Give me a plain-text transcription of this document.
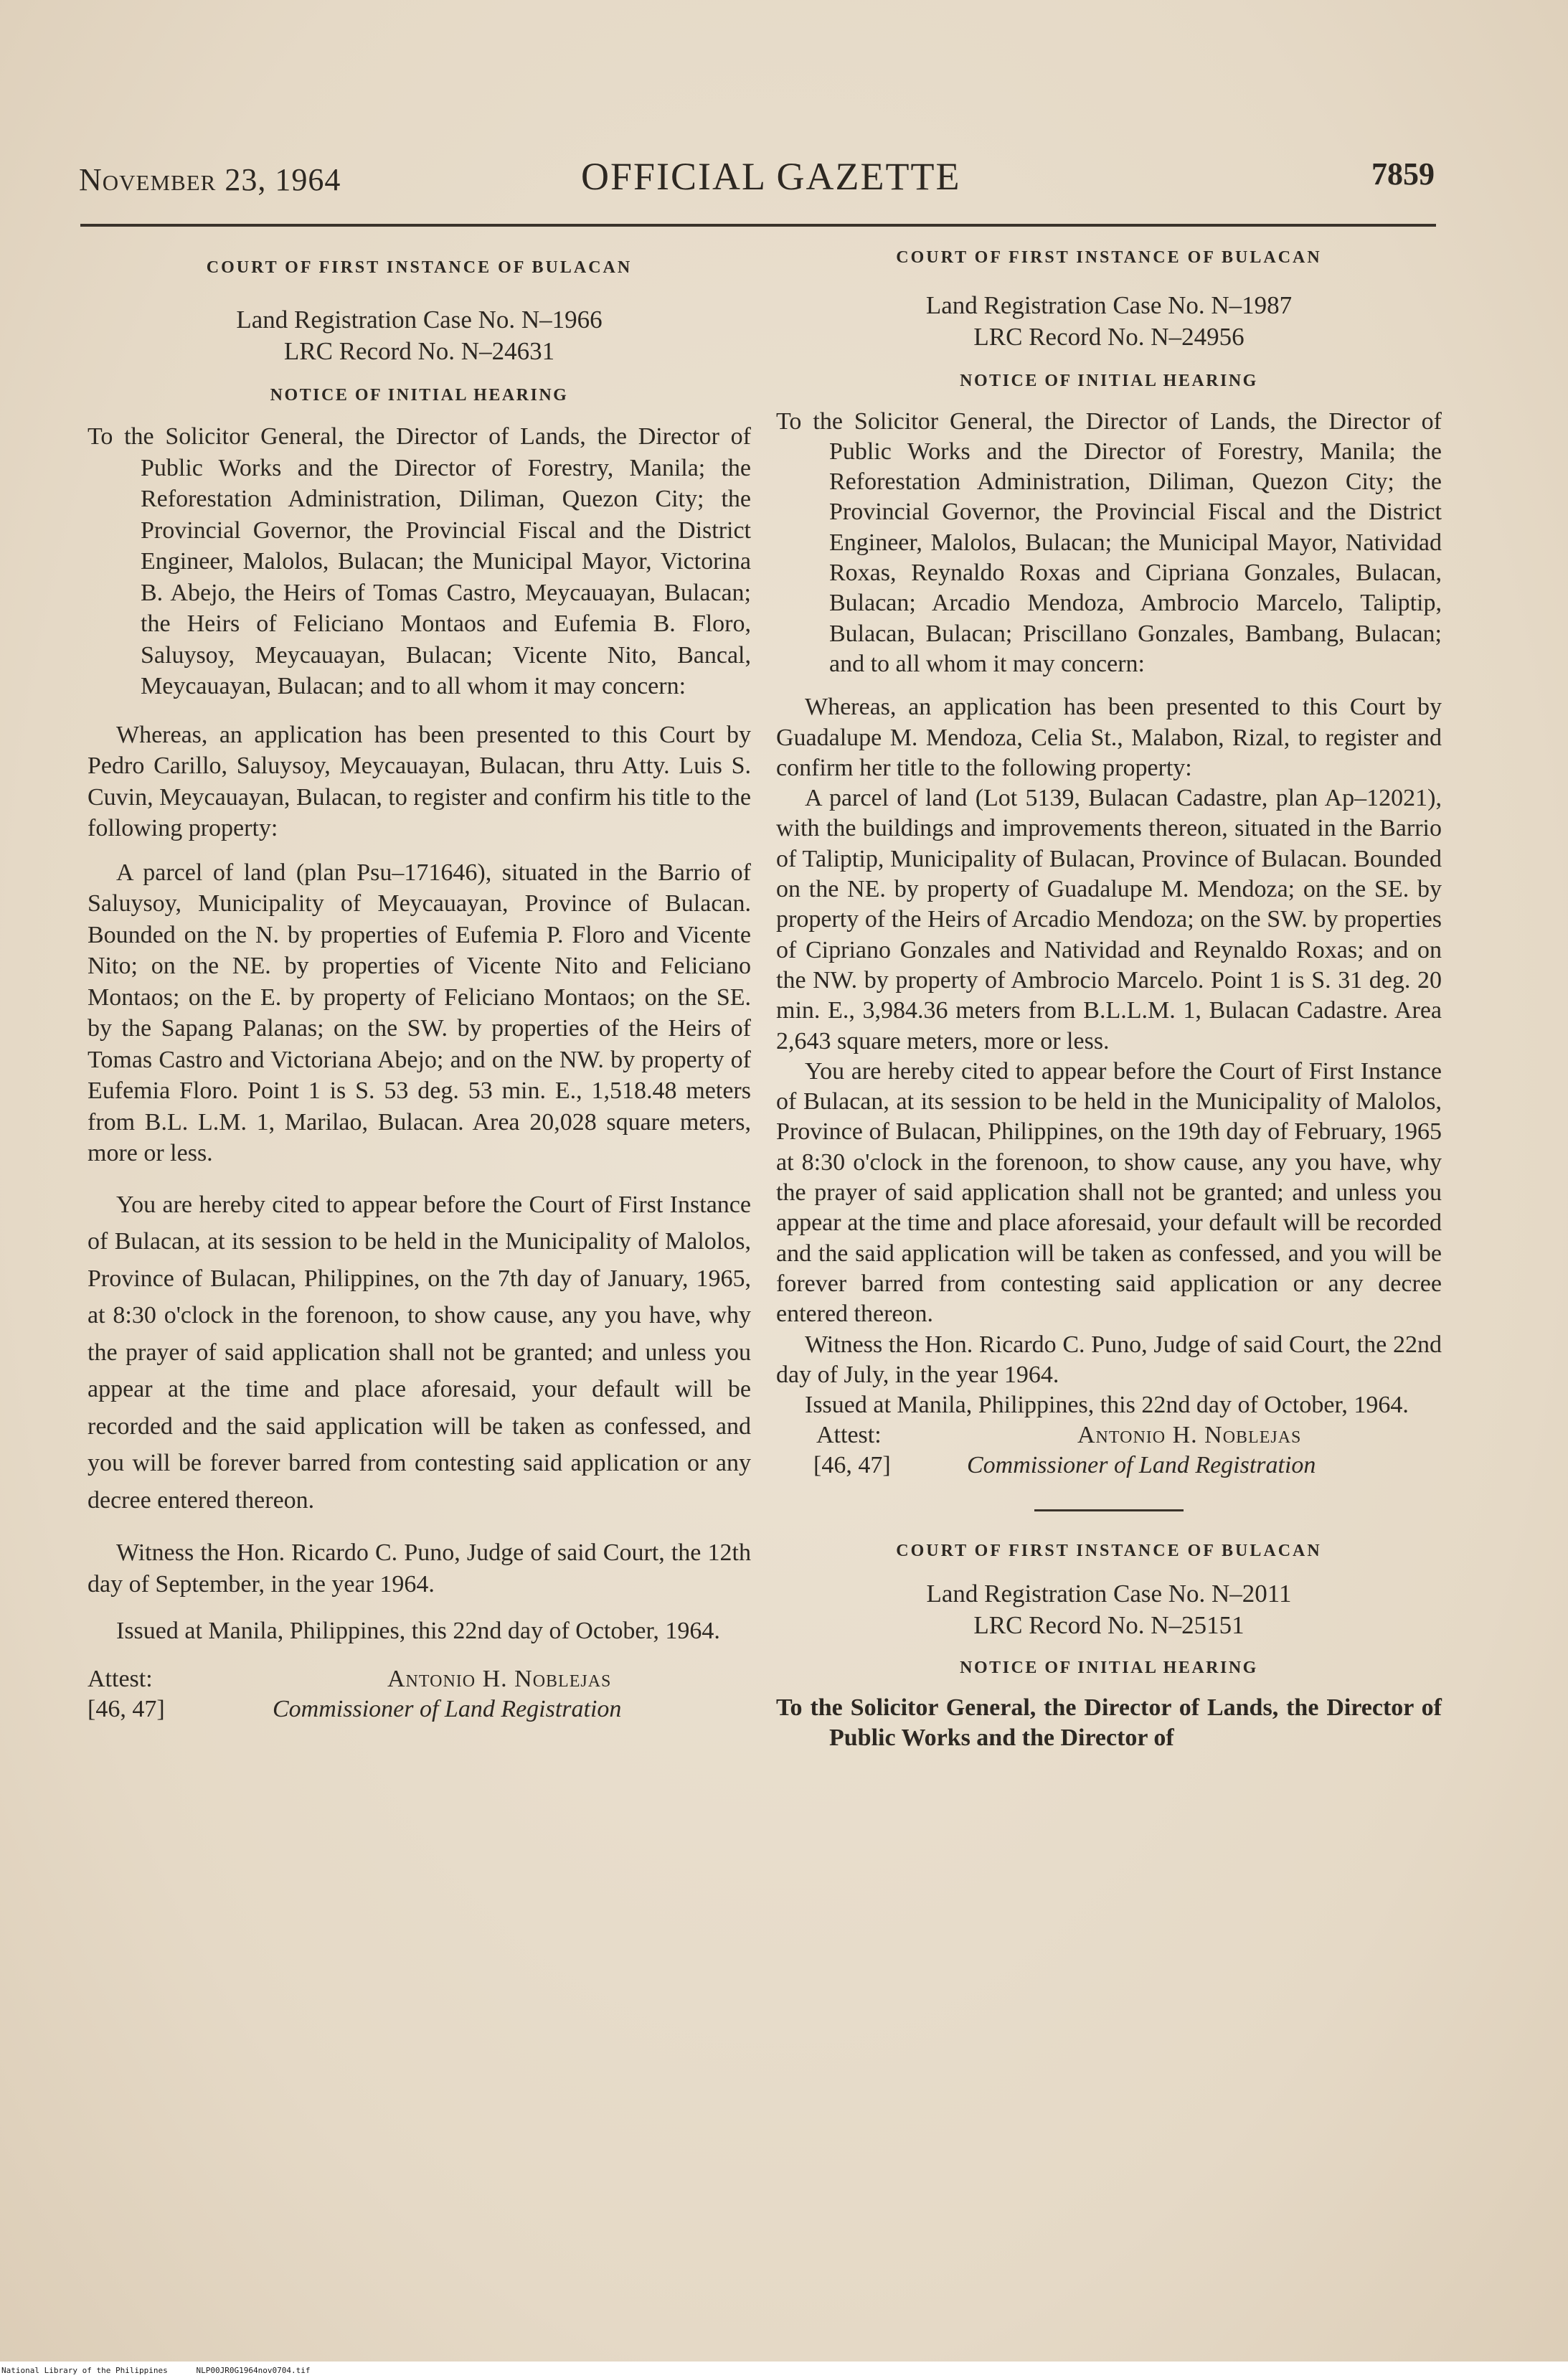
November 23, 1964	OFFICIAL GAZETTE	7859

COURT OF FIRST INSTANCE OF BULACAN

Land Registration Case No. N–1966

LRC Record No. N–24631

NOTICE OF INITIAL HEARING

To the Solicitor General, the Director of Lands, the Director of Public Works and the Director of Forestry, Manila; the Reforestation Administration, Diliman, Quezon City; the Provincial Governor, the Provincial Fiscal and the District Engineer, Malolos, Bulacan; the Municipal Mayor, Victorina B. Abejo, the Heirs of Tomas Castro, Meycauayan, Bulacan; the Heirs of Feliciano Montaos and Eufemia B. Floro, Saluysoy, Meycauayan, Bulacan; Vicente Nito, Bancal, Meycauayan, Bulacan; and to all whom it may concern:

Whereas, an application has been presented to this Court by Pedro Carillo, Saluysoy, Meycauayan, Bulacan, thru Atty. Luis S. Cuvin, Meycauayan, Bulacan, to register and confirm his title to the following property:

A parcel of land (plan Psu–171646), situated in the Barrio of Saluysoy, Municipality of Meycauayan, Province of Bulacan. Bounded on the N. by properties of Eufemia P. Floro and Vicente Nito; on the NE. by properties of Vicente Nito and Feliciano Montaos; on the E. by property of Feliciano Montaos; on the SE. by the Sapang Palanas; on the SW. by properties of the Heirs of Tomas Castro and Victoriana Abejo; and on the NW. by property of Eufemia Floro. Point 1 is S. 53 deg. 53 min. E., 1,518.48 meters from B.L. L.M. 1, Marilao, Bulacan. Area 20,028 square meters, more or less.

You are hereby cited to appear before the Court of First Instance of Bulacan, at its session to be held in the Municipality of Malolos, Province of Bulacan, Philippines, on the 7th day of January, 1965, at 8:30 o'clock in the forenoon, to show cause, any you have, why the prayer of said application shall not be granted; and unless you appear at the time and place aforesaid, your default will be recorded and the said application will be taken as confessed, and you will be forever barred from contesting said application or any decree entered thereon.

Witness the Hon. Ricardo C. Puno, Judge of said Court, the 12th day of September, in the year 1964.

Issued at Manila, Philippines, this 22nd day of October, 1964.

Attest:	Antonio H. Noblejas
[46, 47]	Commissioner of Land Registration

COURT OF FIRST INSTANCE OF BULACAN

Land Registration Case No. N–1987

LRC Record No. N–24956

NOTICE OF INITIAL HEARING

To the Solicitor General, the Director of Lands, the Director of Public Works and the Director of Forestry, Manila; the Reforestation Administration, Diliman, Quezon City; the Provincial Governor, the Provincial Fiscal and the District Engineer, Malolos, Bulacan; the Municipal Mayor, Natividad Roxas, Reynaldo Roxas and Cipriana Gonzales, Bulacan, Bulacan; Arcadio Mendoza, Ambrocio Marcelo, Taliptip, Bulacan, Bulacan; Priscillano Gonzales, Bambang, Bulacan; and to all whom it may concern:

Whereas, an application has been presented to this Court by Guadalupe M. Mendoza, Celia St., Malabon, Rizal, to register and confirm her title to the following property:

A parcel of land (Lot 5139, Bulacan Cadastre, plan Ap–12021), with the buildings and improvements thereon, situated in the Barrio of Taliptip, Municipality of Bulacan, Province of Bulacan. Bounded on the NE. by property of Guadalupe M. Mendoza; on the SE. by property of the Heirs of Arcadio Mendoza; on the SW. by properties of Cipriano Gonzales and Natividad and Reynaldo Roxas; and on the NW. by property of Ambrocio Marcelo. Point 1 is S. 31 deg. 20 min. E., 3,984.36 meters from B.L.L.M. 1, Bulacan Cadastre. Area 2,643 square meters, more or less.

You are hereby cited to appear before the Court of First Instance of Bulacan, at its session to be held in the Municipality of Malolos, Province of Bulacan, Philippines, on the 19th day of February, 1965 at 8:30 o'clock in the forenoon, to show cause, any you have, why the prayer of said application shall not be granted; and unless you appear at the time and place aforesaid, your default will be recorded and the said application will be taken as confessed, and you will be forever barred from contesting said application or any decree entered thereon.

Witness the Hon. Ricardo C. Puno, Judge of said Court, the 22nd day of July, in the year 1964.

Issued at Manila, Philippines, this 22nd day of October, 1964.

Attest:	Antonio H. Noblejas
[46, 47]	Commissioner of Land Registration

COURT OF FIRST INSTANCE OF BULACAN

Land Registration Case No. N–2011

LRC Record No. N–25151

NOTICE OF INITIAL HEARING

To the Solicitor General, the Director of Lands, the Director of Public Works and the Director of

National Library of the Philippines	NLP00JR0G1964nov0704.tif
